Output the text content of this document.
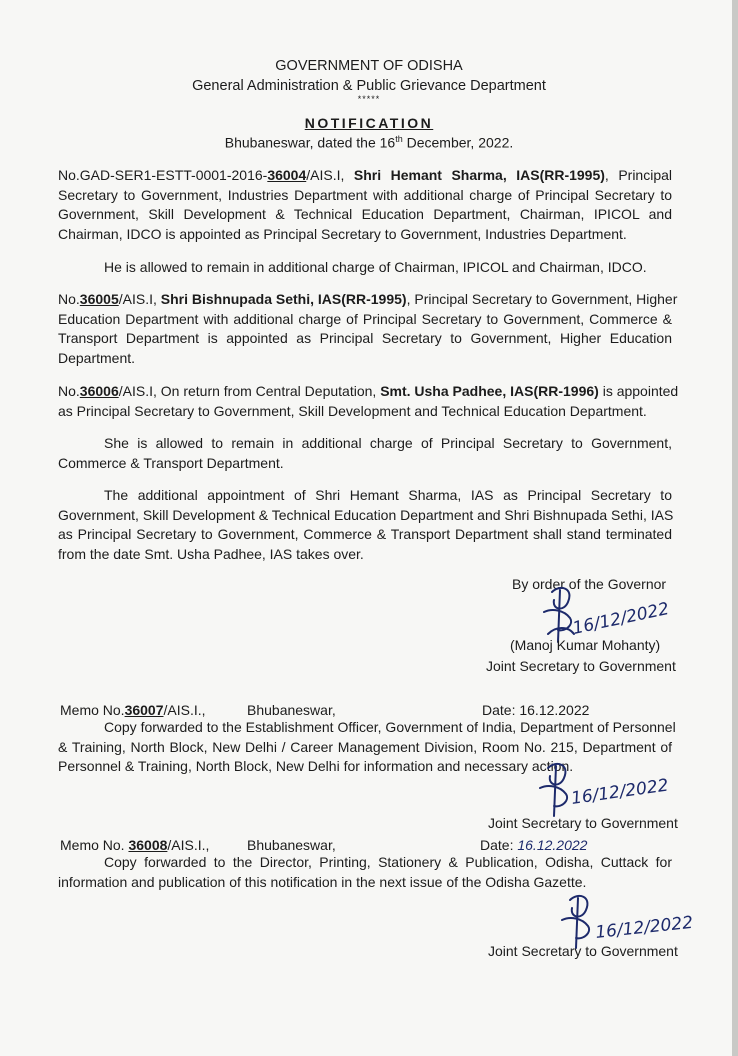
GOVERNMENT OF ODISHA
General Administration & Public Grievance Department
*****
NOTIFICATION
Bhubaneswar, dated the 16th December, 2022.
No.GAD-SER1-ESTT-0001-2016-36004/AIS.I, Shri Hemant Sharma, IAS(RR-1995), Principal
Secretary to Government, Industries Department with additional charge of Principal Secretary to
Government, Skill Development & Technical Education Department, Chairman, IPICOL and
Chairman, IDCO is appointed as Principal Secretary to Government, Industries Department.
He is allowed to remain in additional charge of Chairman, IPICOL and Chairman, IDCO.
No.36005/AIS.I, Shri Bishnupada Sethi, IAS(RR-1995), Principal Secretary to Government, Higher
Education Department with additional charge of Principal Secretary to Government, Commerce &
Transport Department is appointed as Principal Secretary to Government, Higher Education
Department.
No.36006/AIS.I, On return from Central Deputation, Smt. Usha Padhee, IAS(RR-1996) is appointed
as Principal Secretary to Government, Skill Development and Technical Education Department.
She is allowed to remain in additional charge of Principal Secretary to Government,
Commerce & Transport Department.
The additional appointment of Shri Hemant Sharma, IAS as Principal Secretary to
Government, Skill Development & Technical Education Department and Shri Bishnupada Sethi, IAS
as Principal Secretary to Government, Commerce & Transport Department shall stand terminated
from the date Smt. Usha Padhee, IAS takes over.
By order of the Governor
16/12/2022
(Manoj Kumar Mohanty)
Joint Secretary to Government
Memo No.36007/AIS.I.,	Bhubaneswar,	Date: 16.12.2022
Copy forwarded to the Establishment Officer, Government of India, Department of Personnel
& Training, North Block, New Delhi / Career Management Division, Room No. 215, Department of
Personnel & Training, North Block, New Delhi for information and necessary action.
16/12/2022
Joint Secretary to Government
Memo No. 36008/AIS.I.,	Bhubaneswar,	Date: 16.12.2022
Copy forwarded to the Director, Printing, Stationery & Publication, Odisha, Cuttack for
information and publication of this notification in the next issue of the Odisha Gazette.
16/12/2022
Joint Secretary to Government
